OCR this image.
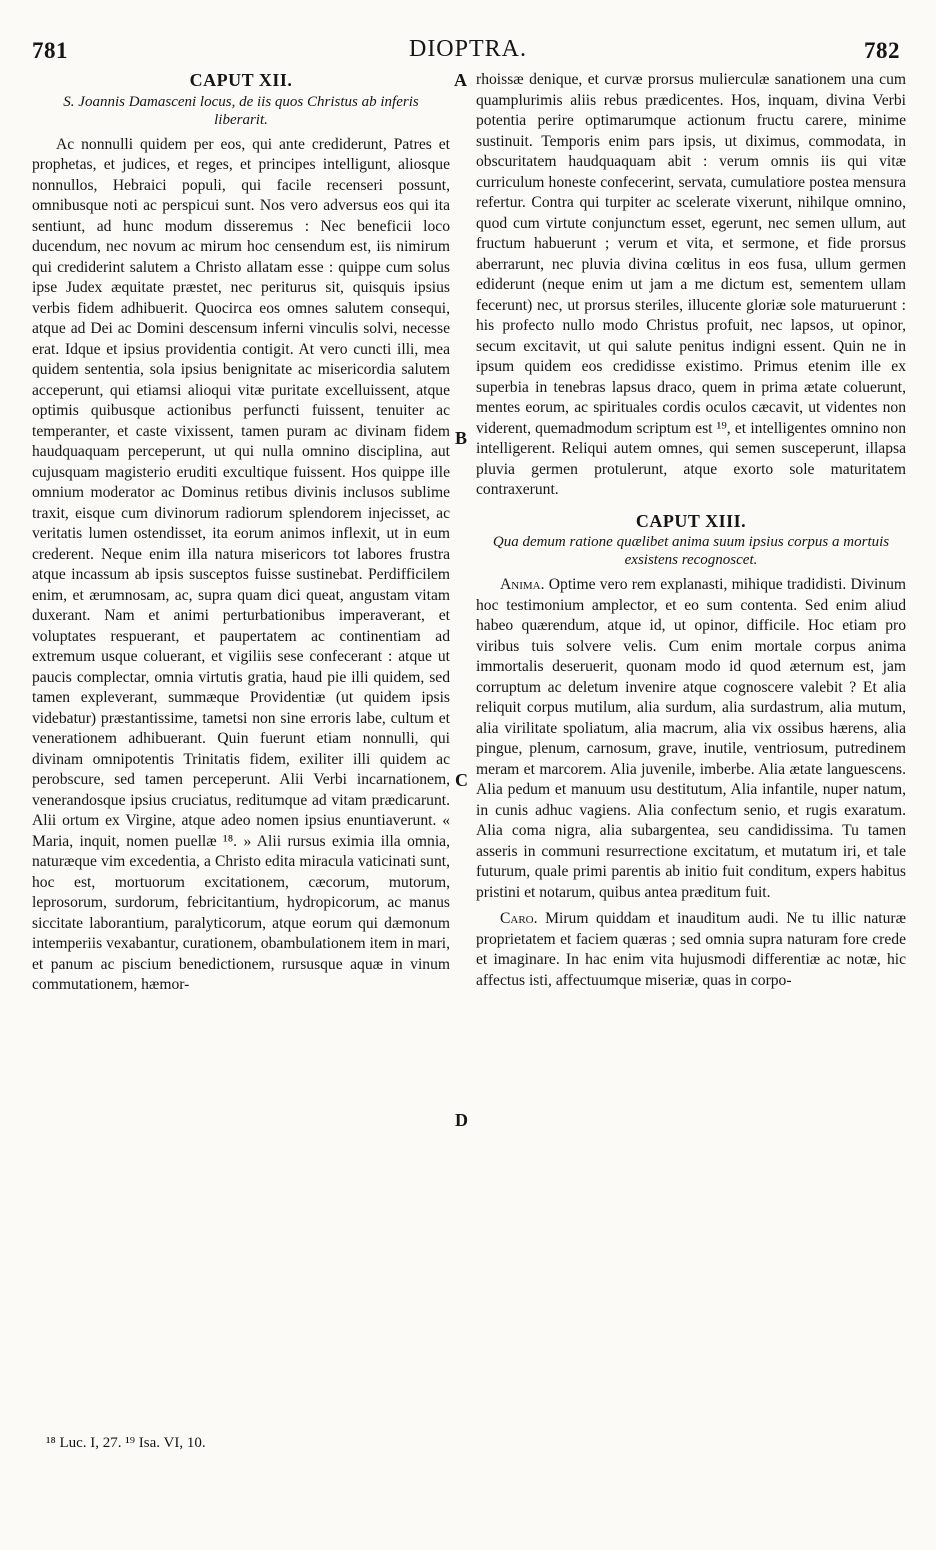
781	DIOPTRA.	782
A
B
C
D
CAPUT XII.
S. Joannis Damasceni locus, de iis quos Christus ab inferis liberarit.

Ac nonnulli quidem per eos, qui ante crediderunt, Patres et prophetas, et judices, et reges, et principes intelligunt, aliosque nonnullos, Hebraici populi, qui facile recenseri possunt, omnibusque noti ac perspicui sunt. Nos vero adversus eos qui ita sentiunt, ad hunc modum disseremus : Nec beneficii loco ducendum, nec novum ac mirum hoc censendum est, iis nimirum qui crediderint salutem a Christo allatam esse : quippe cum solus ipse Judex æquitate præstet, nec periturus sit, quisquis ipsius verbis fidem adhibuerit. Quocirca eos omnes salutem consequi, atque ad Dei ac Domini descensum inferni vinculis solvi, necesse erat. Idque et ipsius providentia contigit. At vero cuncti illi, mea quidem sententia, sola ipsius benignitate ac misericordia salutem acceperunt, qui etiamsi alioqui vitæ puritate excelluissent, atque optimis quibusque actionibus perfuncti fuissent, tenuiter ac temperanter, et caste vixissent, tamen puram ac divinam fidem haudquaquam perceperunt, ut qui nulla omnino disciplina, aut cujusquam magisterio eruditi excultique fuissent. Hos quippe ille omnium moderator ac Dominus retibus divinis inclusos sublime traxit, eisque cum divinorum radiorum splendorem injecisset, ac veritatis lumen ostendisset, ita eorum animos inflexit, ut in eum crederent. Neque enim illa natura misericors tot labores frustra atque incassum ab ipsis susceptos fuisse sustinebat. Perdifficilem enim, et ærumnosam, ac, supra quam dici queat, angustam vitam duxerant. Nam et animi perturbationibus imperaverant, et voluptates respuerant, et paupertatem ac continentiam ad extremum usque coluerant, et vigiliis sese confecerant : atque ut paucis complectar, omnia virtutis gratia, haud pie illi quidem, sed tamen expleverant, summæque Providentiæ (ut quidem ipsis videbatur) præstantissime, tametsi non sine erroris labe, cultum et venerationem adhibuerant. Quin fuerunt etiam nonnulli, qui divinam omnipotentis Trinitatis fidem, exiliter illi quidem ac perobscure, sed tamen perceperunt. Alii Verbi incarnationem, venerandosque ipsius cruciatus, reditumque ad vitam prædicarunt. Alii ortum ex Virgine, atque adeo nomen ipsius enuntiaverunt. « Maria, inquit, nomen puellæ ¹⁸. » Alii rursus eximia illa omnia, naturæque vim excedentia, a Christo edita miracula vaticinati sunt, hoc est, mortuorum excitationem, cæcorum, mutorum, leprosorum, surdorum, febricitantium, hydropicorum, ac manus siccitate laborantium, paralyticorum, atque eorum qui dæmonum intemperiis vexabantur, curationem, obambulationem item in mari, et panum ac piscium benedictionem, rursusque aquæ in vinum commutationem, hæmor-

rhoissæ denique, et curvæ prorsus mulierculæ sanationem una cum quamplurimis aliis rebus prædicentes. Hos, inquam, divina Verbi potentia perire optimarumque actionum fructu carere, minime sustinuit. Temporis enim pars ipsis, ut diximus, commodata, in obscuritatem haudquaquam abit : verum omnis iis qui vitæ curriculum honeste confecerint, servata, cumulatiore postea mensura refertur. Contra qui turpiter ac scelerate vixerunt, nihilque omnino, quod cum virtute conjunctum esset, egerunt, nec semen ullum, aut fructum habuerunt ; verum et vita, et sermone, et fide prorsus aberrarunt, nec pluvia divina cœlitus in eos fusa, ullum germen ediderunt (neque enim ut jam a me dictum est, sementem ullam fecerunt) nec, ut prorsus steriles, illucente gloriæ sole maturuerunt : his profecto nullo modo Christus profuit, nec lapsos, ut opinor, secum excitavit, ut qui salute penitus indigni essent. Quin ne in ipsum quidem eos credidisse existimo. Primus etenim ille ex superbia in tenebras lapsus draco, quem in prima ætate coluerunt, mentes eorum, ac spirituales cordis oculos cæcavit, ut videntes non viderent, quemadmodum scriptum est ¹⁹, et intelligentes omnino non intelligerent. Reliqui autem omnes, qui semen susceperunt, illapsa pluvia germen protulerunt, atque exorto sole maturitatem contraxerunt.

CAPUT XIII.
Qua demum ratione quælibet anima suum ipsius corpus a mortuis exsistens recognoscet.

Anima. Optime vero rem explanasti, mihique tradidisti. Divinum hoc testimonium amplector, et eo sum contenta. Sed enim aliud habeo quærendum, atque id, ut opinor, difficile. Hoc etiam pro viribus tuis solvere velis. Cum enim mortale corpus anima immortalis deseruerit, quonam modo id quod æternum est, jam corruptum ac deletum invenire atque cognoscere valebit ? Et alia reliquit corpus mutilum, alia surdum, alia surdastrum, alia mutum, alia virilitate spoliatum, alia macrum, alia vix ossibus hærens, alia pingue, plenum, carnosum, grave, inutile, ventriosum, putredinem meram et marcorem. Alia juvenile, imberbe. Alia ætate languescens. Alia pedum et manuum usu destitutum, Alia infantile, nuper natum, in cunis adhuc vagiens. Alia confectum senio, et rugis exaratum. Alia coma nigra, alia subargentea, seu candidissima. Tu tamen asseris in communi resurrectione excitatum, et mutatum iri, et tale futurum, quale primi parentis ab initio fuit conditum, expers habitus pristini et notarum, quibus antea præditum fuit.

Caro. Mirum quiddam et inauditum audi. Ne tu illic naturæ proprietatem et faciem quæras ; sed omnia supra naturam fore crede et imaginare. In hac enim vita hujusmodi differentiæ ac notæ, hic affectus isti, affectuumque miseriæ, quas in corpo-

¹⁸ Luc. I, 27. ¹⁹ Isa. VI, 10.
